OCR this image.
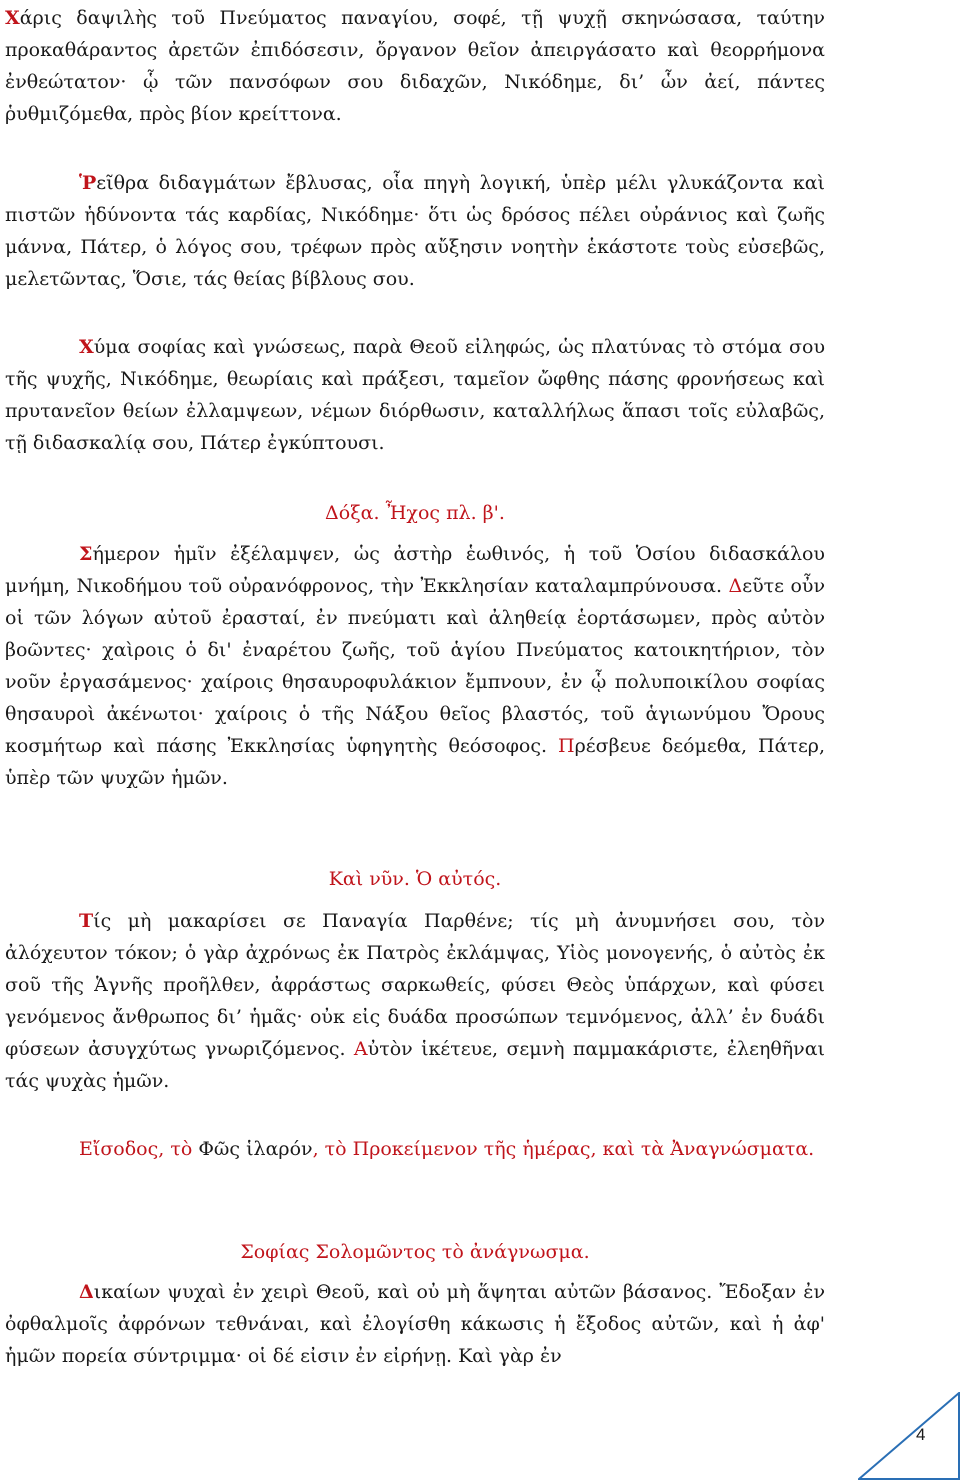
Χάρις δαψιλὴς τοῦ Πνεύματος παναγίου, σοφέ, τῇ ψυχῇ σκηνώσασα, ταύτην προκαθάραντος ἀρετῶν ἐπιδόσεσιν, ὄργανον θεῖον ἀπειργάσατο καὶ θεορρήμονα ἐνθεώτατον· ᾧ τῶν πανσόφων σου διδαχῶν, Νικόδημε, δι’ ὧν ἀεί, πάντες ῥυθμιζόμεθα, πρὸς βίον κρείττονα.

Ῥεῖθρα διδαγμάτων ἔβλυσας, οἷα πηγὴ λογική, ὑπὲρ μέλι γλυκάζοντα καὶ πιστῶν ἡδύνοντα τάς καρδίας, Νικόδημε· ὅτι ὡς δρόσος πέλει οὐράνιος καὶ ζωῆς μάννα, Πάτερ, ὁ λόγος σου, τρέφων πρὸς αὔξησιν νοητὴν ἑκάστοτε τοὺς εὐσεβῶς, μελετῶντας, Ὅσιε, τάς θείας βίβλους σου.

Χύμα σοφίας καὶ γνώσεως, παρὰ Θεοῦ εἰληφώς, ὡς πλατύνας τὸ στόμα σου τῆς ψυχῆς, Νικόδημε, θεωρίαις καὶ πράξεσι, ταμεῖον ὤφθης πάσης φρονήσεως καὶ πρυτανεῖον θείων ἐλλαμψεων, νέμων διόρθωσιν, καταλλήλως ἅπασι τοῖς εὐλαβῶς, τῇ διδασκαλίᾳ σου, Πάτερ ἐγκύπτουσι.

Δόξα. Ἦχος πλ. β'.

Σήμερον ἡμῖν ἐξέλαμψεν, ὡς ἀστὴρ ἑωθινός, ἡ τοῦ Ὁσίου διδασκάλου μνήμη, Νικοδήμου τοῦ οὐρανόφρονος, τὴν Ἐκκλησίαν καταλαμπρύνουσα. Δεῦτε οὖν οἱ τῶν λόγων αὐτοῦ ἐρασταί, ἐν πνεύματι καὶ ἀληθείᾳ ἑορτάσωμεν, πρὸς αὐτὸν βοῶντες· χαὶροις ὁ δι' ἐναρέτου ζωῆς, τοῦ ἁγίου Πνεύματος κατοικητήριον, τὸν νοῦν ἐργασάμενος· χαίροις θησαυροφυλάκιον ἔμπνουν, ἐν ᾧ πολυποικίλου σοφίας θησαυροὶ ἀκένωτοι· χαίροις ὁ τῆς Νάξου θεῖος βλαστός, τοῦ ἁγιωνύμου Ὄρους κοσμήτωρ καὶ πάσης Ἐκκλησίας ὑφηγητὴς θεόσοφος. Πρέσβευε δεόμεθα, Πάτερ, ὑπὲρ τῶν ψυχῶν ἡμῶν.

Καὶ νῦν. Ὁ αὐτός.

Τίς μὴ μακαρίσει σε Παναγία Παρθένε; τίς μὴ ἀνυμνήσει σου, τὸν ἀλόχευτον τόκον; ὁ γὰρ ἀχρόνως ἐκ Πατρὸς ἐκλάμψας, Υἱὸς μονογενής, ὁ αὐτὸς ἐκ σοῦ τῆς Ἁγνῆς προῆλθεν, ἀφράστως σαρκωθείς, φύσει Θεὸς ὑπάρχων, καὶ φύσει γενόμενος ἄνθρωπος δι’ ἡμᾶς· οὐκ εἰς δυάδα προσώπων τεμνόμενος, ἀλλ’ ἐν δυάδι φύσεων ἀσυγχύτως γνωριζόμενος. Αὐτὸν ἱκέτευε, σεμνὴ παμμακάριστε, ἐλεηθῆναι τάς ψυχὰς ἡμῶν.

Εἴσοδος, τὸ Φῶς ἱλαρόν, τὸ Προκείμενον τῆς ἡμέρας, καὶ τὰ Ἀναγνώσματα.

Σοφίας Σολομῶντος τὸ ἀνάγνωσμα.

Δικαίων ψυχαὶ ἐν χειρὶ Θεοῦ, καὶ οὐ μὴ ἅψηται αὐτῶν βάσανος. Ἔδοξαν ἐν ὀφθαλμοῖς ἀφρόνων τεθνάναι, καὶ ἐλογίσθη κάκωσις ἡ ἔξοδος αὐτῶν, καὶ ἡ ἀφ' ἡμῶν πορεία σύντριμμα· οἱ δέ εἰσιν ἐν εἰρήνῃ. Καὶ γὰρ ἐν

4
